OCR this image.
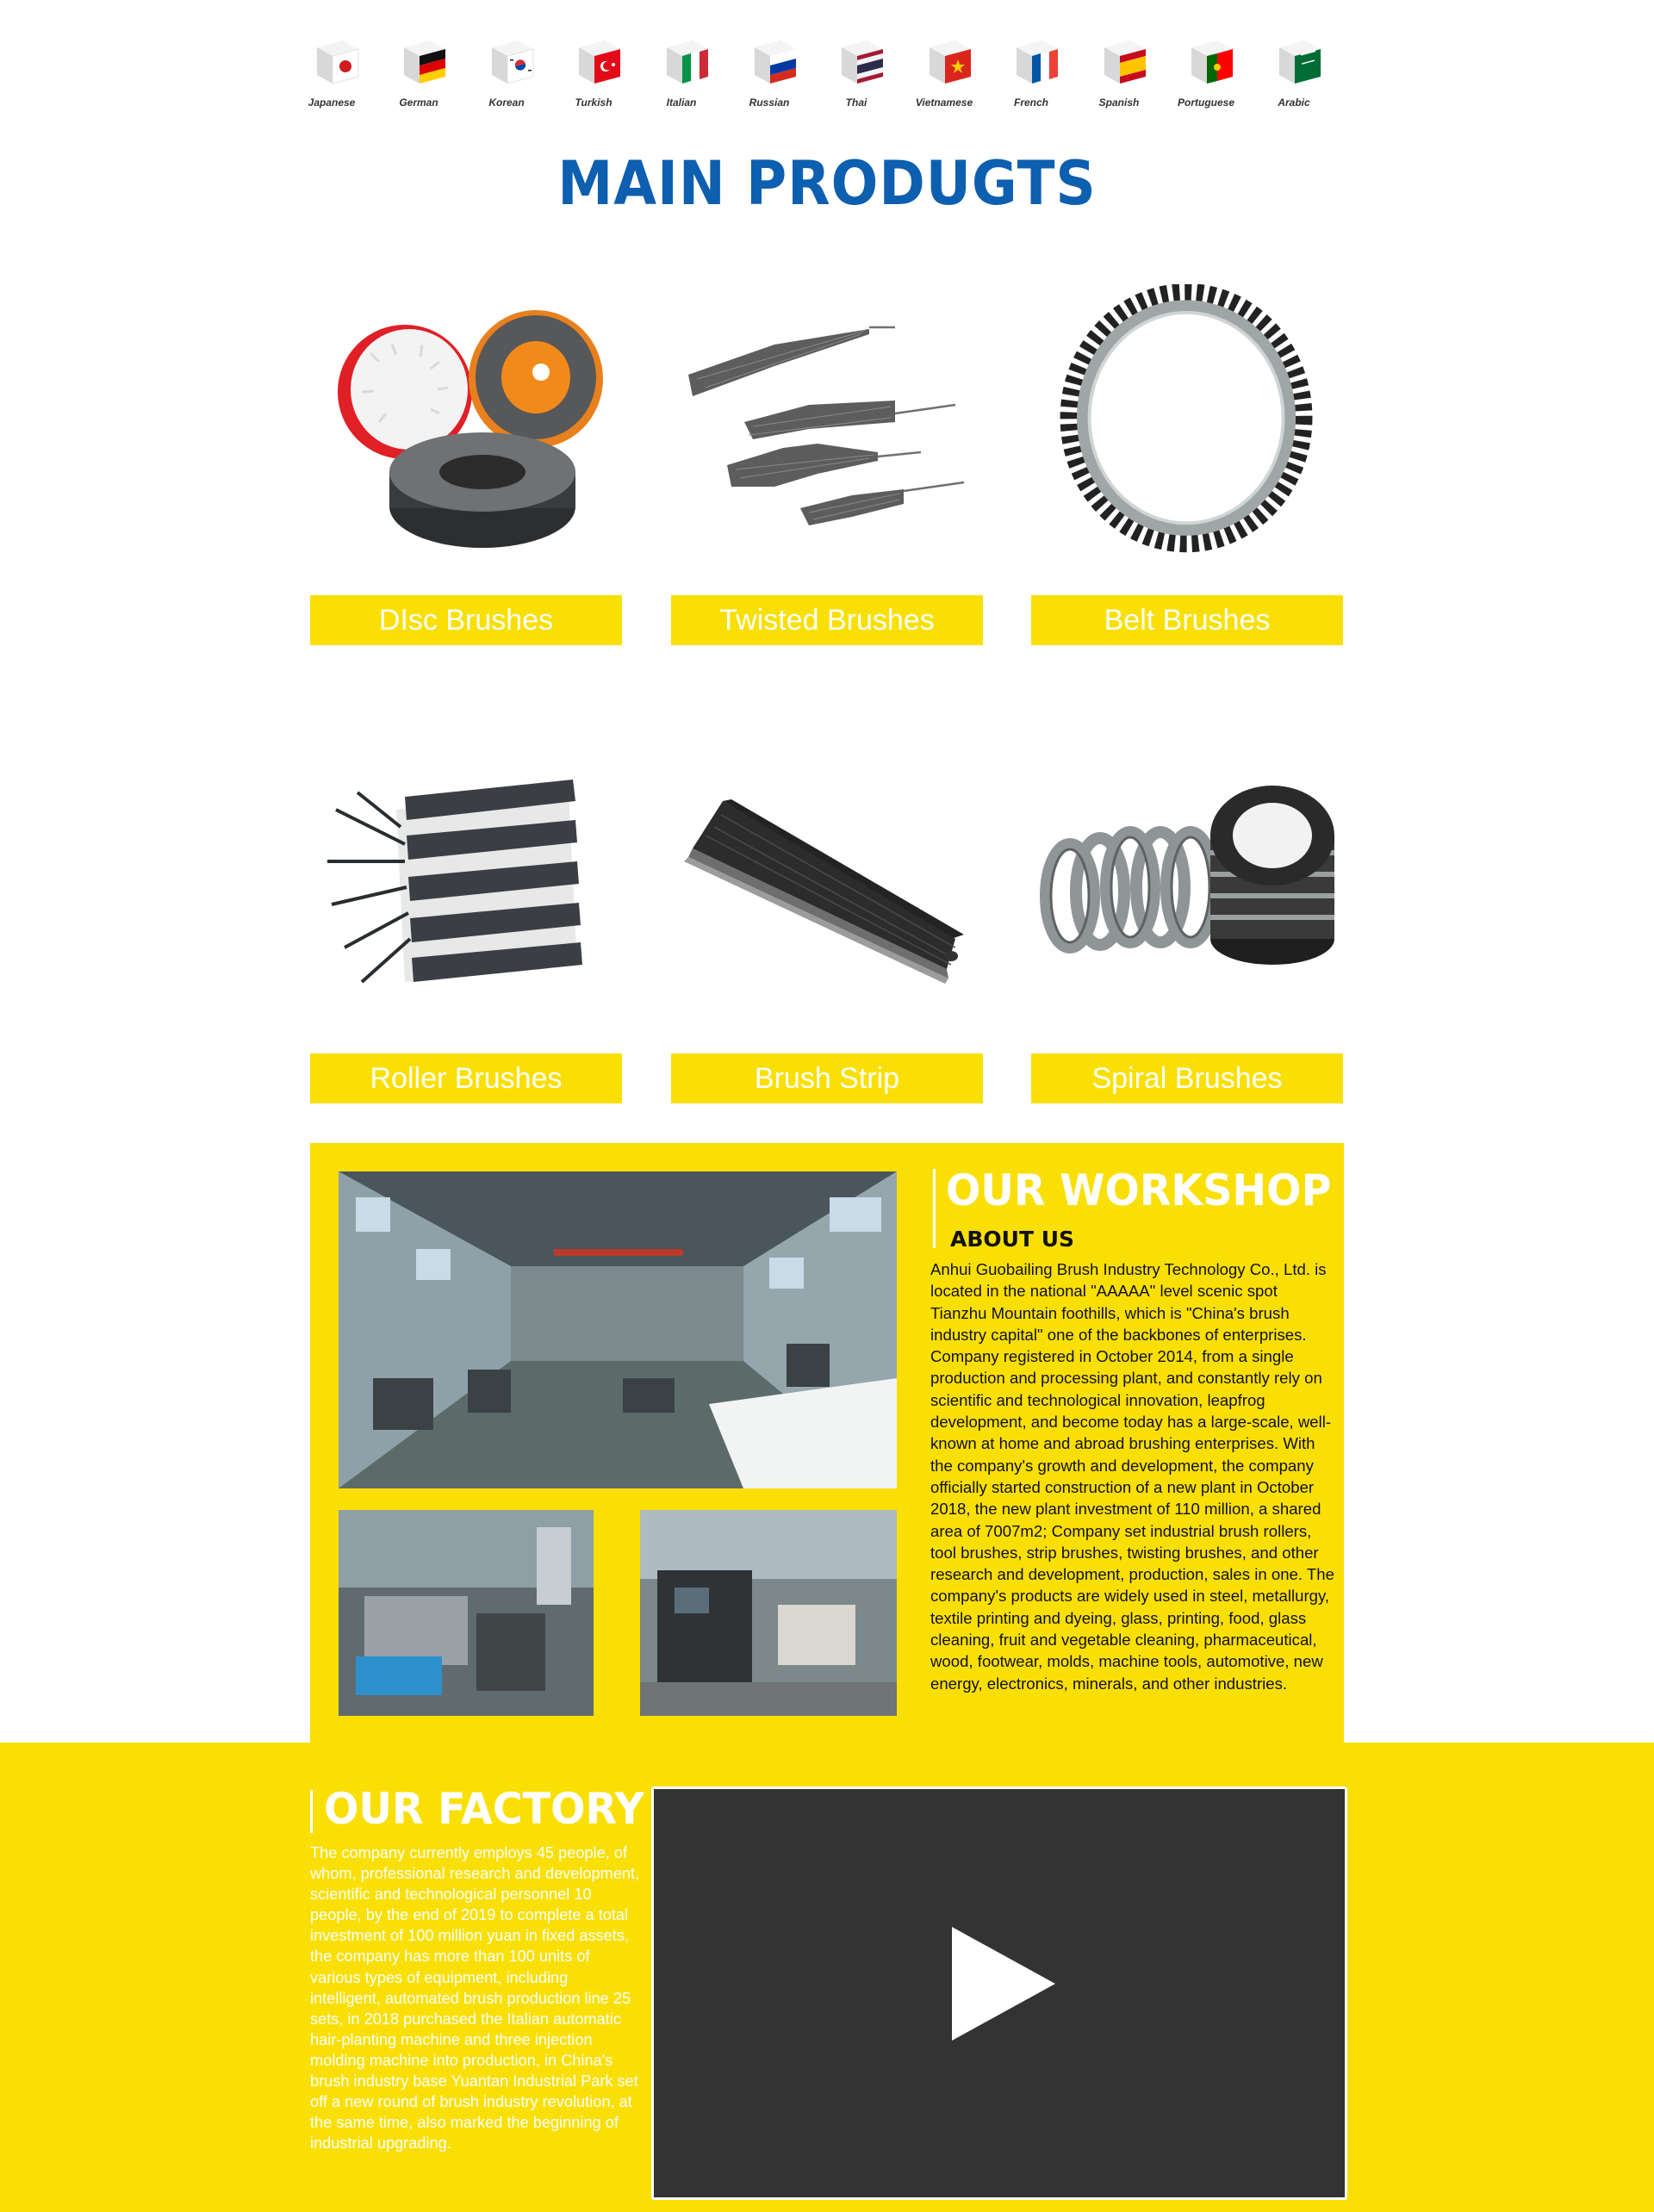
Japanese	German	Korean	Turkish	Italian	Russian	Thai	Vietnamese	French	Spanish	Portuguese	Arabic
MAIN PRODUGTS
DIsc Brushes	Twisted Brushes	Belt Brushes
Roller Brushes	Brush Strip	Spiral Brushes
OUR WORKSHOP
ABOUT US

Anhui Guobailing Brush Industry Technology Co., Ltd. is located in the national "AAAAA" level scenic spot Tianzhu Mountain foothills, which is "China's brush industry capital" one of the backbones of enterprises. Company registered in October 2014, from a single production and processing plant, and constantly rely on scientific and technological innovation, leapfrog development, and become today has a large-scale, well-known at home and abroad brushing enterprises. With the company's growth and development, the company officially started construction of a new plant in October 2018, the new plant investment of 110 million, a shared area of 7007m2; Company set industrial brush rollers, tool brushes, strip brushes, twisting brushes, and other research and development, production, sales in one. The company's products are widely used in steel, metallurgy, textile printing and dyeing, glass, printing, food, glass cleaning, fruit and vegetable cleaning, pharmaceutical, wood, footwear, molds, machine tools, automotive, new energy, electronics, minerals, and other industries.

OUR FACTORY

The company currently employs 45 people, of whom, professional research and development, scientific and technological personnel 10 people, by the end of 2019 to complete a total investment of 100 million yuan in fixed assets, the company has more than 100 units of various types of equipment, including intelligent, automated brush production line 25 sets, in 2018 purchased the Italian automatic hair-planting machine and three injection molding machine into production, in China's brush industry base Yuantan Industrial Park set off a new round of brush industry revolution, at the same time, also marked the beginning of industrial upgrading.
